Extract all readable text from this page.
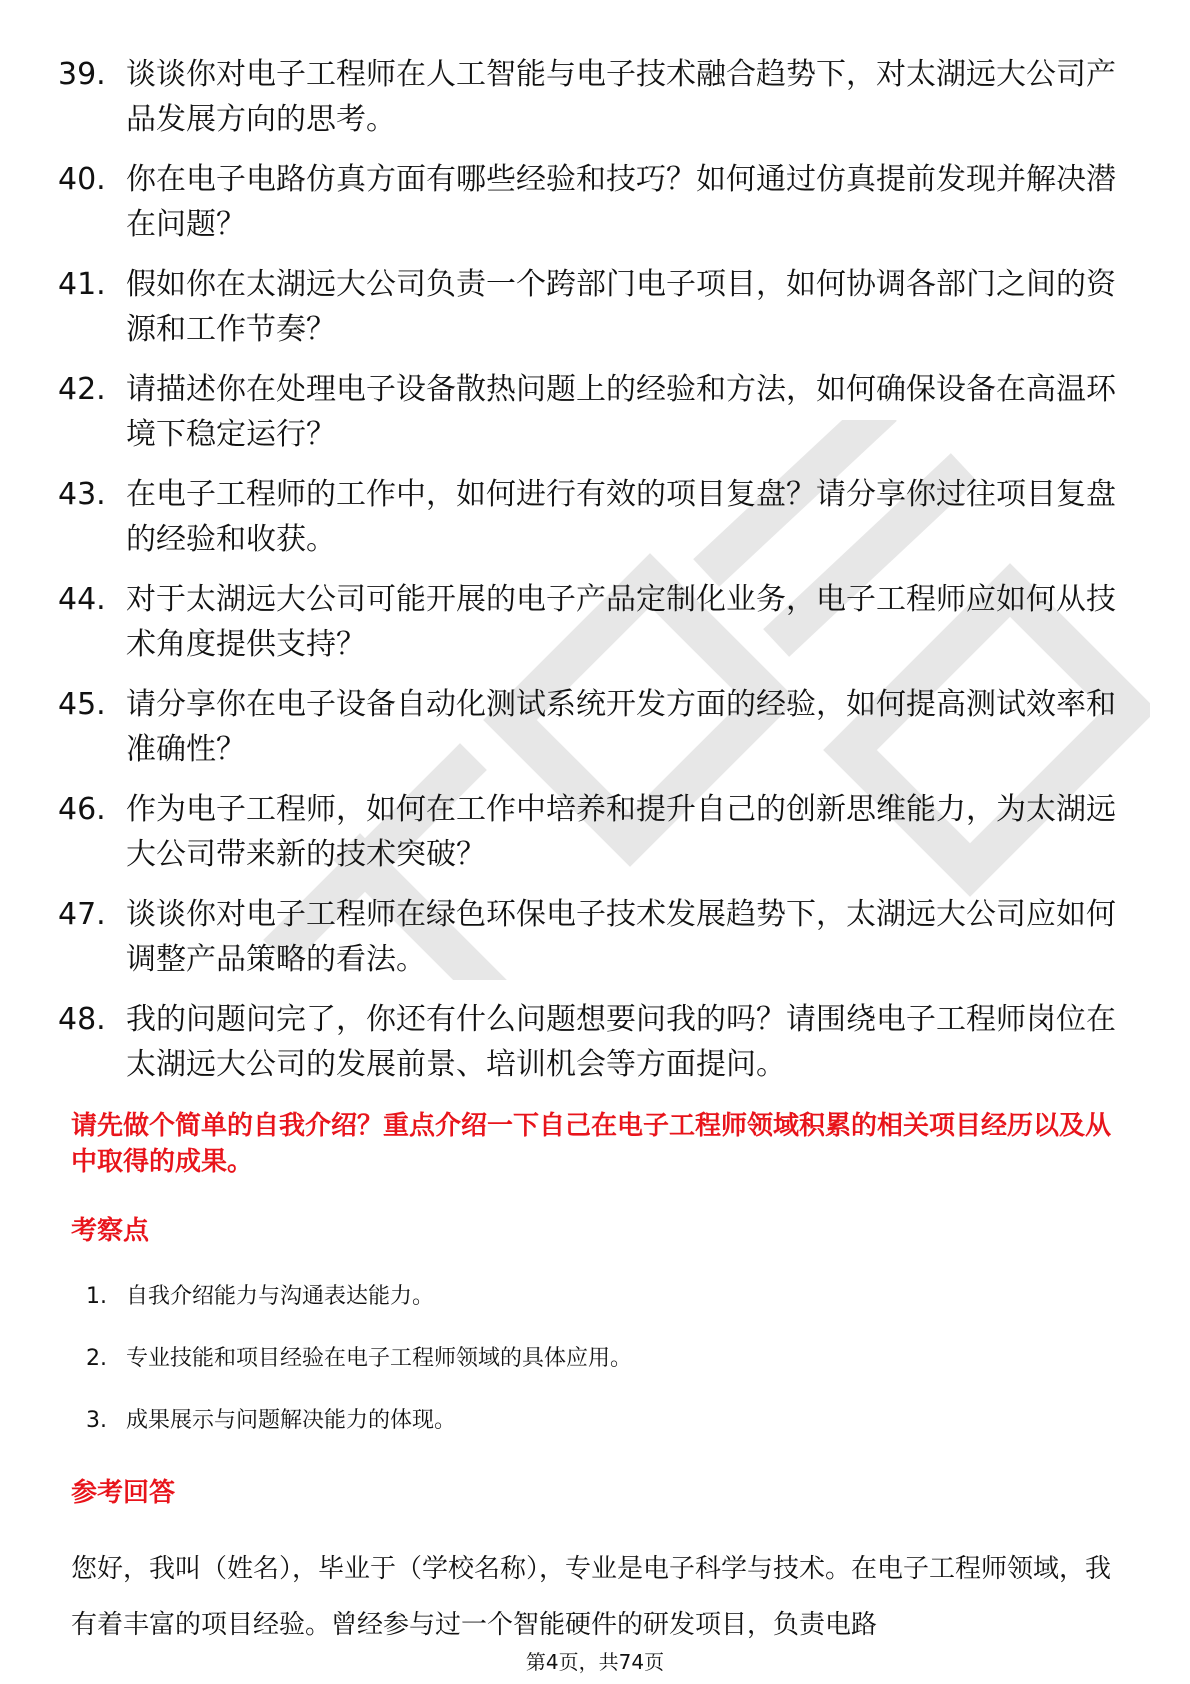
39. 谈谈你对电子工程师在人工智能与电子技术融合趋势下，对太湖远大公司产品发展方向的思考。
40. 你在电子电路仿真方面有哪些经验和技巧？如何通过仿真提前发现并解决潜在问题？
41. 假如你在太湖远大公司负责一个跨部门电子项目，如何协调各部门之间的资源和工作节奏？
42. 请描述你在处理电子设备散热问题上的经验和方法，如何确保设备在高温环境下稳定运行？
43. 在电子工程师的工作中，如何进行有效的项目复盘？请分享你过往项目复盘的经验和收获。
44. 对于太湖远大公司可能开展的电子产品定制化业务，电子工程师应如何从技术角度提供支持？
45. 请分享你在电子设备自动化测试系统开发方面的经验，如何提高测试效率和准确性？
46. 作为电子工程师，如何在工作中培养和提升自己的创新思维能力，为太湖远大公司带来新的技术突破？
47. 谈谈你对电子工程师在绿色环保电子技术发展趋势下，太湖远大公司应如何调整产品策略的看法。
48. 我的问题问完了，你还有什么问题想要问我的吗？请围绕电子工程师岗位在太湖远大公司的发展前景、培训机会等方面提问。

请先做个简单的自我介绍？重点介绍一下自己在电子工程师领域积累的相关项目经历以及从中取得的成果。

考察点
1. 自我介绍能力与沟通表达能力。
2. 专业技能和项目经验在电子工程师领域的具体应用。
3. 成果展示与问题解决能力的体现。
参考回答

您好，我叫（姓名），毕业于（学校名称），专业是电子科学与技术。在电子工程师领域，我有着丰富的项目经验。曾经参与过一个智能硬件的研发项目，负责电路

第4页，共74页
